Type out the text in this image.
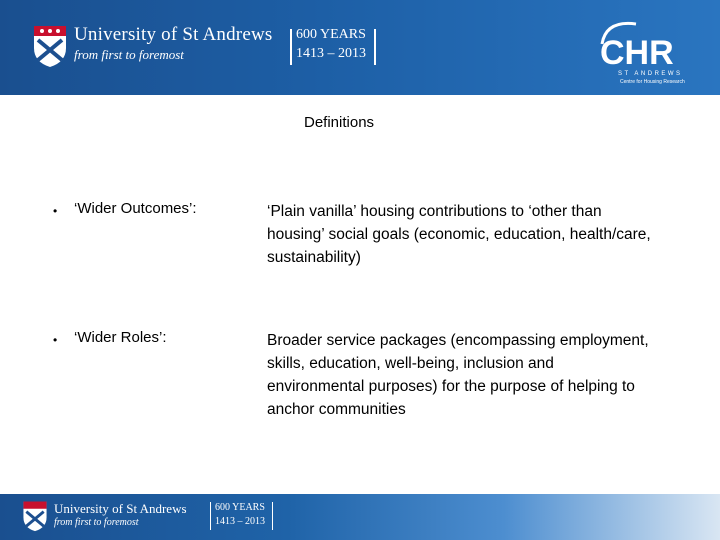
University of St Andrews
from first to foremost
600 YEARS
1413 – 2013	CHR
ST ANDREWS
Centre for Housing Research
Definitions
• ‘Wider Outcomes’:	‘Plain vanilla’ housing contributions to ‘other than housing’ social goals (economic, education, health/care, sustainability)
• ‘Wider Roles’:	Broader service packages (encompassing employment, skills, education, well-being, inclusion and environmental purposes) for the purpose of helping to anchor communities
University of St Andrews
from first to foremost
600 YEARS
1413 – 2013
